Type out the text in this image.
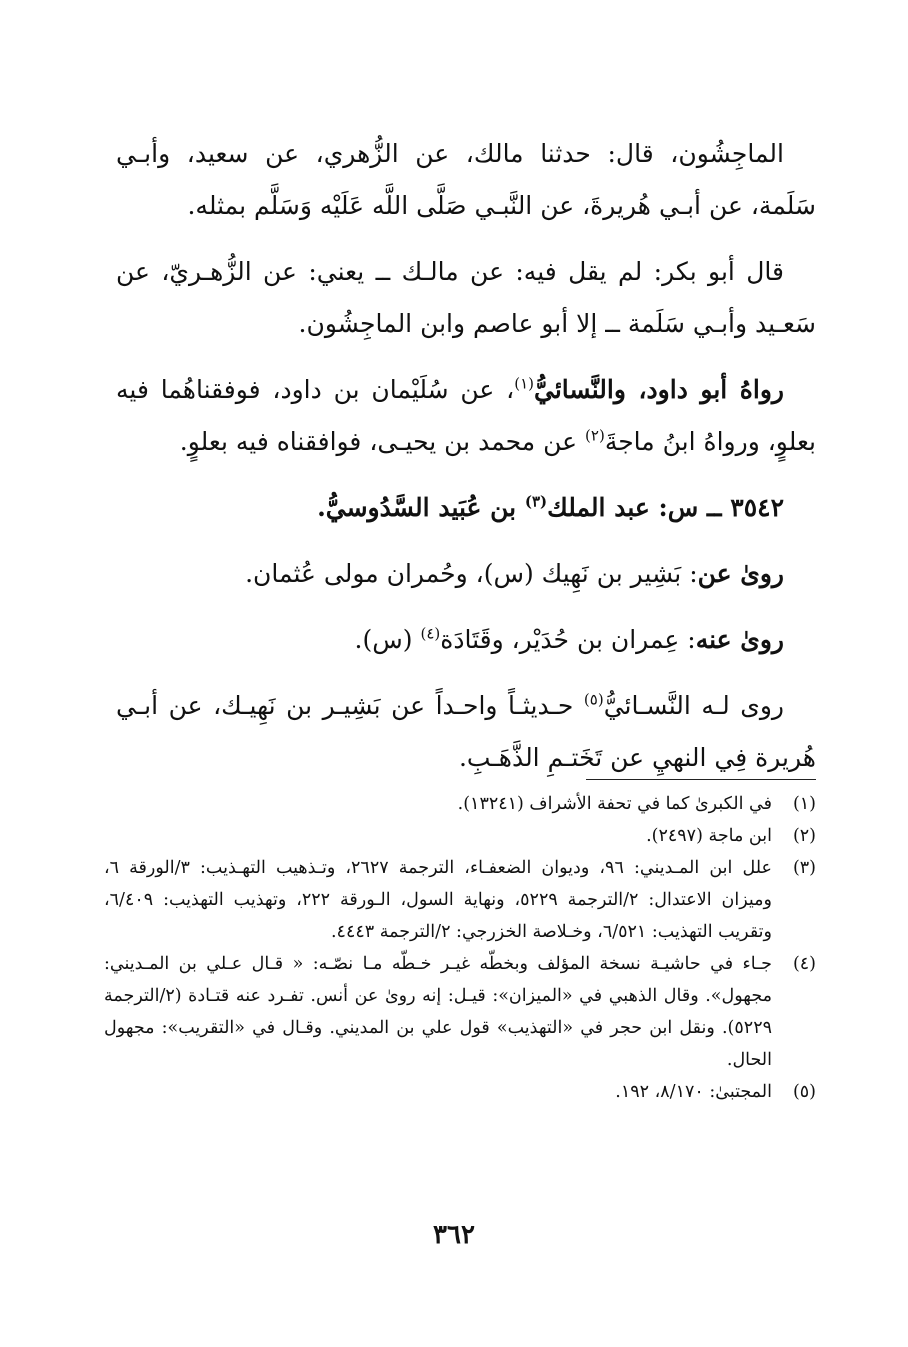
الماجِشُون، قال: حدثنا مالك، عن الزُّهري، عن سعيد، وأبـي سَلَمة، عن أبـي هُريرةَ، عن النَّبـي صَلَّى اللَّه عَلَيْه وَسَلَّم بمثله.

قال أبو بكر: لم يقل فيه: عن مالـك ــ يعني: عن الزُّهـريّ، عن سَعـيد وأبـي سَلَمة ــ إلا أبو عاصم وابن الماجِشُون.

رواهُ أبو داود، والنَّسائيُّ$^{(١)}$، عن سُلَيْمان بن داود، فوفقناهُما فيه بعلوٍ، ورواهُ ابنُ ماجةَ$^{(٢)}$ عن محمد بن يحيـى، فوافقناه فيه بعلوٍ.

٣٥٤٢ ــ س: عبد الملك$^{(٣)}$ بن عُبَيد السَّدُوسيُّ.

روىٰ عن: بَشِير بن نَهِيك (س)، وحُمران مولى عُثمان.

روىٰ عنه: عِمران بن حُدَيْر، وقَتَادَة$^{(٤)}$ (س).

روى لـه النَّسـائيُّ$^{(٥)}$ حـديثـاً واحـداً عن بَشِيـر بن نَهِيـك، عن أبـي هُريرة فِي النهيِ عن تَخَتـمِ الذَّهَـبِ.

(١)
في الكبرىٰ كما في تحفة الأشراف (١٣٢٤١).

(٢)
ابن ماجة (٢٤٩٧).

(٣)
علل ابن المـديني: ٩٦، وديوان الضعفـاء، الترجمة ٢٦٢٧، وتـذهيب التهـذيب: ٣/الورقة ٦، وميزان الاعتدال: ٢/الترجمة ٥٢٢٩، ونهاية السول، الـورقة ٢٢٢، وتهذيب التهذيب: ٦/٤٠٩، وتقريب التهذيب: ٦/٥٢١، وخـلاصة الخزرجي: ٢/الترجمة ٤٤٤٣.

(٤)
جـاء في حاشيـة نسخة المؤلف وبخطّه غيـر خـطّه مـا نصّـه: « قـال عـلي بن المـديني: مجهول». وقال الذهبي في «الميزان»: قيـل: إنه روىٰ عن أنس. تفـرد عنه قتـادة (٢/الترجمة ٥٢٢٩). ونقل ابن حجر في «التهذيب» قول علي بن المديني. وقـال في «التقريب»: مجهول الحال.

(٥)
المجتبىٰ: ٨/١٧٠، ١٩٢.

٣٦٢
